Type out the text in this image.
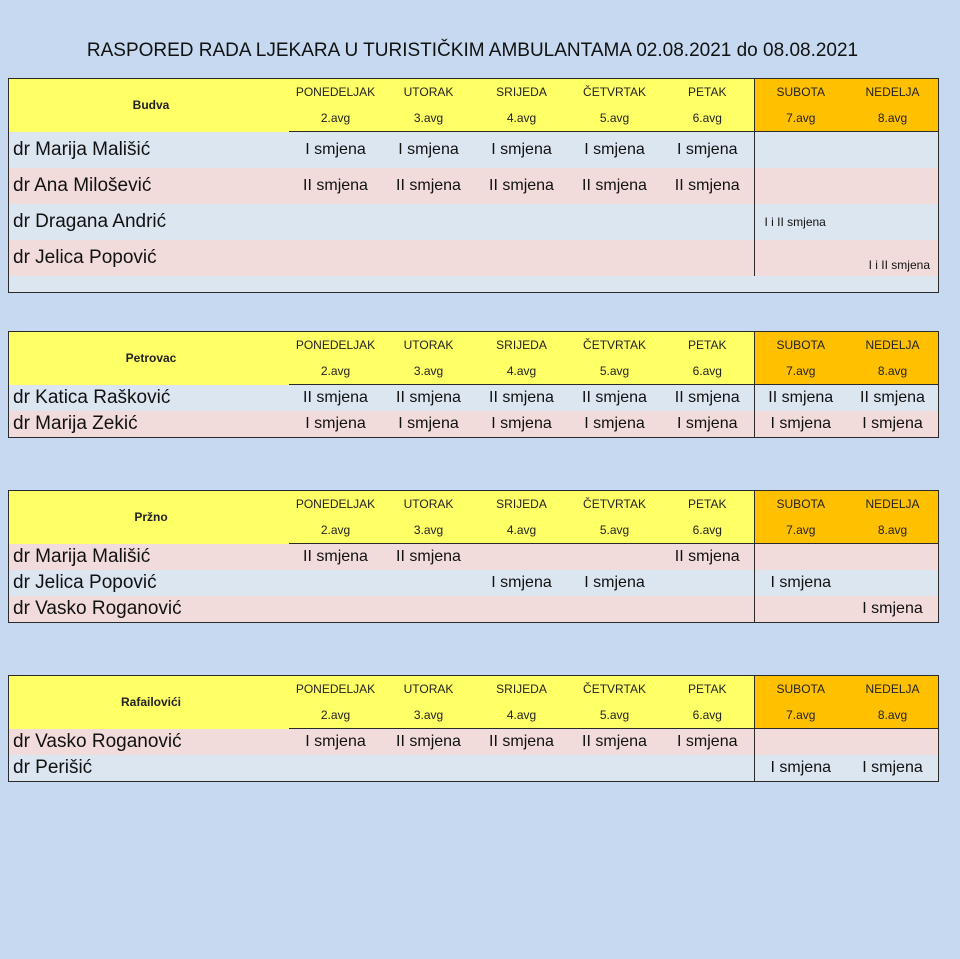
RASPORED RADA LJEKARA U TURISTIČKIM AMBULANTAMA 02.08.2021 do 08.08.2021
Budva	PONEDELJAK	UTORAK	SRIJEDA	ČETVRTAK	PETAK	SUBOTA	NEDELJA
	2.avg	3.avg	4.avg	5.avg	6.avg	7.avg	8.avg
dr Marija Mališić	I smjena	I smjena	I smjena	I smjena	I smjena		
dr Ana Milošević	II smjena	II smjena	II smjena	II smjena	II smjena		
dr Dragana Andrić						I i II smjena	
dr Jelica Popović							I i II smjena
Petrovac	PONEDELJAK	UTORAK	SRIJEDA	ČETVRTAK	PETAK	SUBOTA	NEDELJA
	2.avg	3.avg	4.avg	5.avg	6.avg	7.avg	8.avg
dr Katica Rašković	II smjena	II smjena	II smjena	II smjena	II smjena	II smjena	II smjena
dr Marija Zekić	I smjena	I smjena	I smjena	I smjena	I smjena	I smjena	I smjena
Pržno	PONEDELJAK	UTORAK	SRIJEDA	ČETVRTAK	PETAK	SUBOTA	NEDELJA
	2.avg	3.avg	4.avg	5.avg	6.avg	7.avg	8.avg
dr Marija Mališić	II smjena	II smjena			II smjena		
dr Jelica Popović			I smjena	I smjena		I smjena	
dr Vasko Roganović							I smjena
Rafailovići	PONEDELJAK	UTORAK	SRIJEDA	ČETVRTAK	PETAK	SUBOTA	NEDELJA
	2.avg	3.avg	4.avg	5.avg	6.avg	7.avg	8.avg
dr Vasko Roganović	I smjena	II smjena	II smjena	II smjena	I smjena		
dr Perišić						I smjena	I smjena
